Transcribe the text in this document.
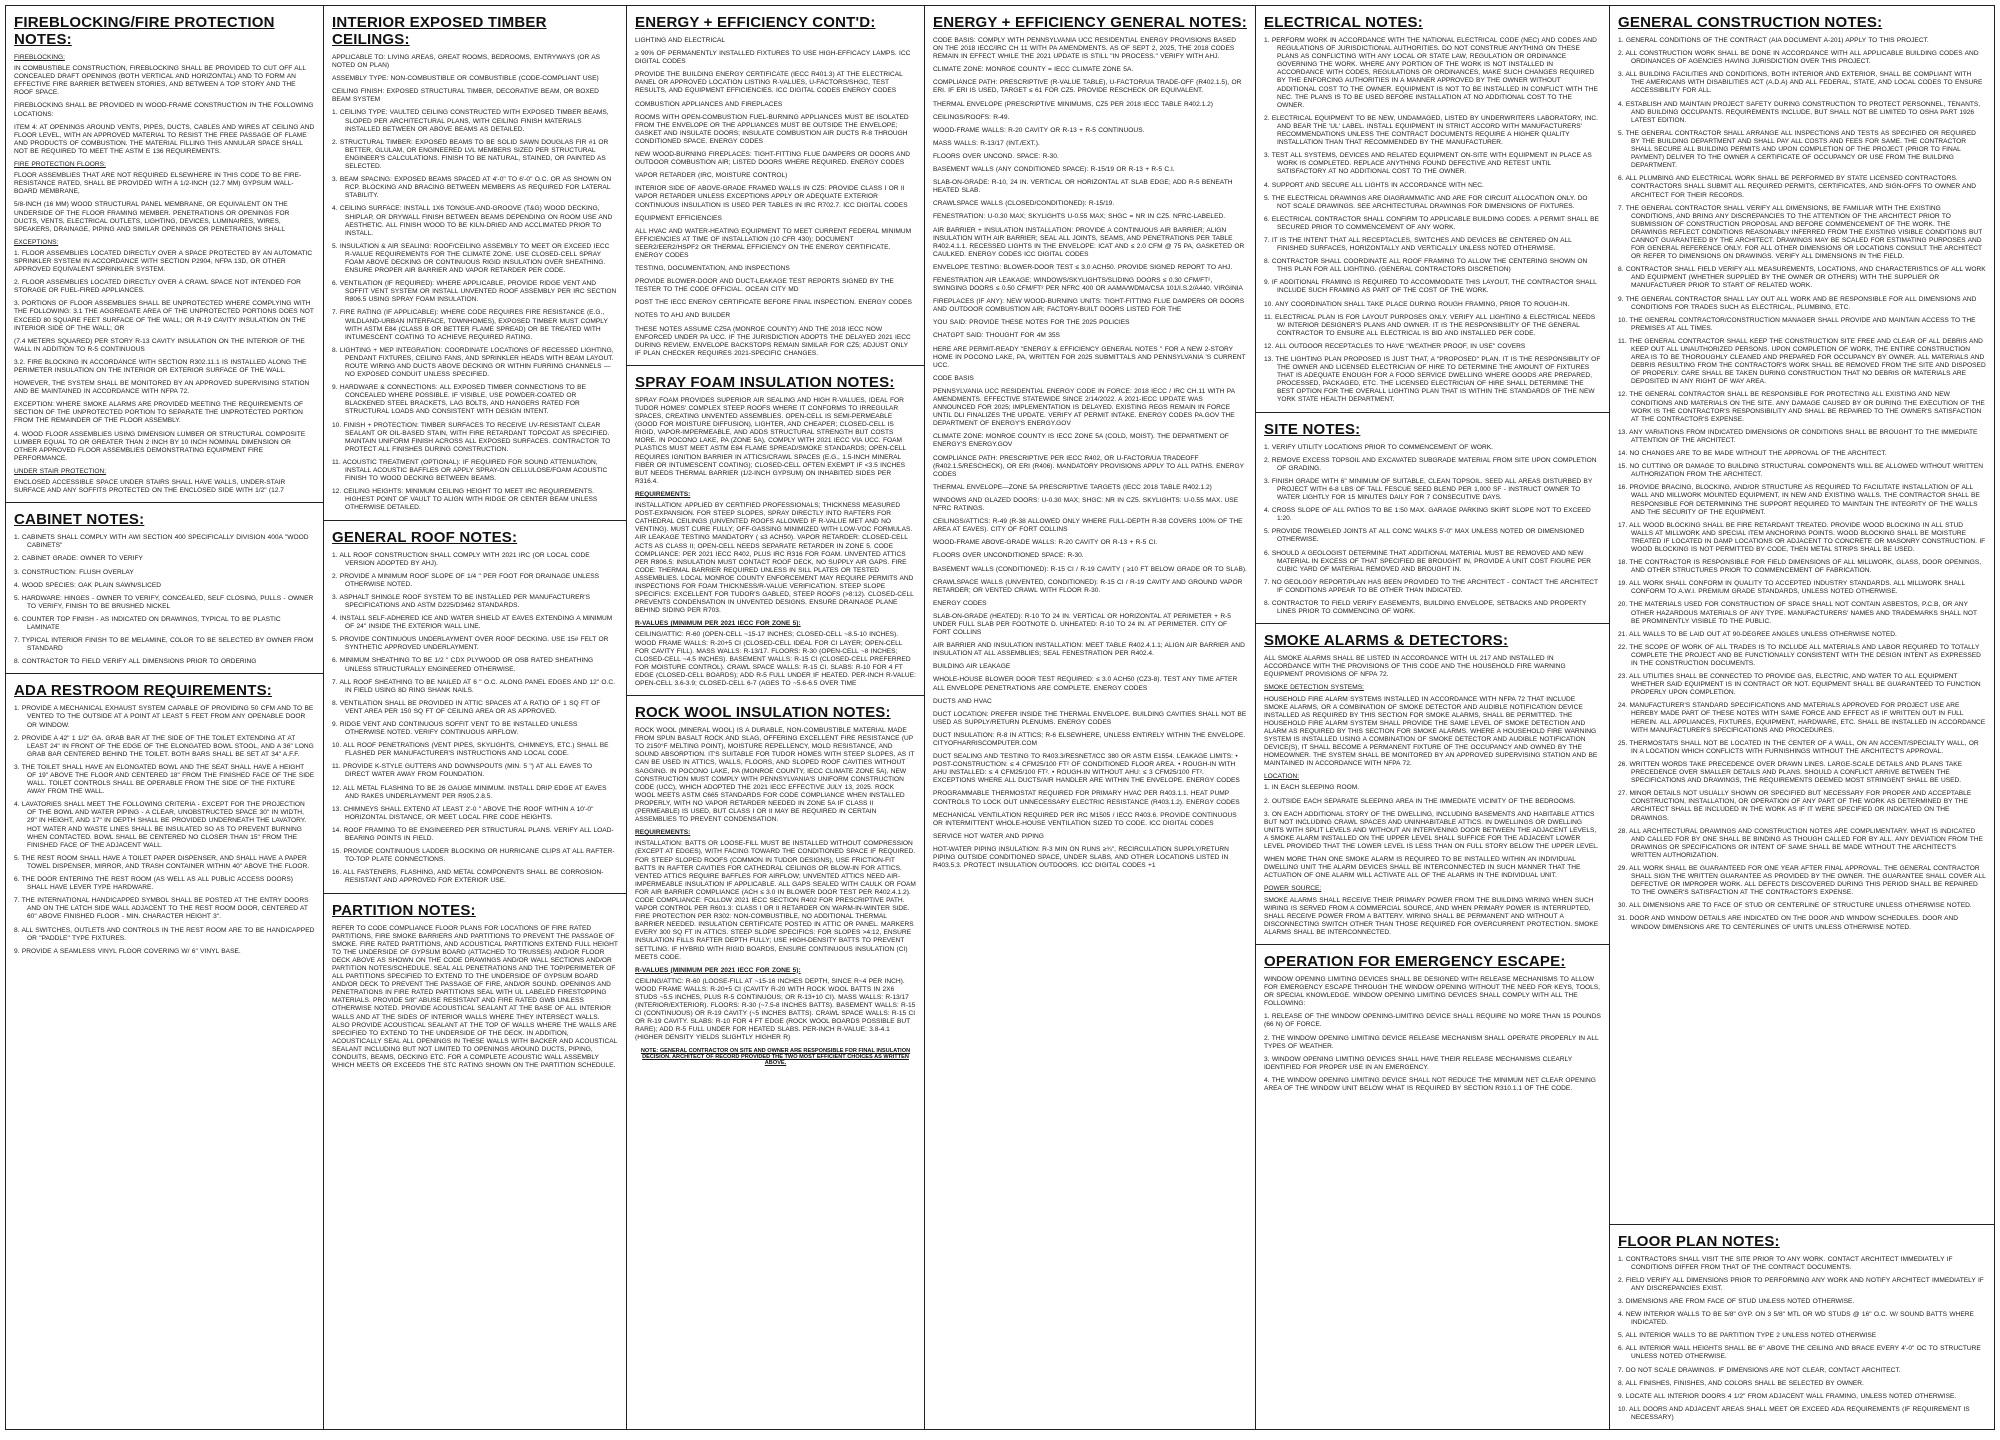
FIREBLOCKING/FIRE PROTECTION NOTES:
FIREBLOCKING:
IN COMBUSTIBLE CONSTRUCTION, FIREBLOCKING SHALL BE PROVIDED TO CUT OFF ALL CONCEALED DRAFT OPENINGS (BOTH VERTICAL AND HORIZONTAL) AND TO FORM AN EFFECTIVE FIRE BARRIER BETWEEN STORIES, AND BETWEEN A TOP STORY AND THE ROOF SPACE.
FIREBLOCKING SHALL BE PROVIDED IN WOOD-FRAME CONSTRUCTION IN THE FOLLOWING LOCATIONS:
ITEM 4: AT OPENINGS AROUND VENTS, PIPES, DUCTS, CABLES AND WIRES AT CEILING AND FLOOR LEVEL, WITH AN APPROVED MATERIAL TO RESIST THE FREE PASSAGE OF FLAME AND PRODUCTS OF COMBUSTION. THE MATERIAL FILLING THIS ANNULAR SPACE SHALL NOT BE REQUIRED TO MEET THE ASTM E 136 REQUIREMENTS.
FIRE PROTECTION FLOORS:
FLOOR ASSEMBLIES THAT ARE NOT REQUIRED ELSEWHERE IN THIS CODE TO BE FIRE-RESISTANCE RATED, SHALL BE PROVIDED WITH A 1/2-INCH (12.7 MM) GYPSUM WALL-BOARD MEMBRANE,
5/8-INCH (16 MM) WOOD STRUCTURAL PANEL MEMBRANE, OR EQUIVALENT ON THE UNDERSIDE OF THE FLOOR FRAMING MEMBER. PENETRATIONS OR OPENINGS FOR DUCTS, VENTS, ELECTRICAL OUTLETS, LIGHTING, DEVICES, LUMINAIRES, WIRES, SPEAKERS, DRAINAGE, PIPING AND SIMILAR OPENINGS OR PENETRATIONS SHALL
EXCEPTIONS:
1. FLOOR ASSEMBLIES LOCATED DIRECTLY OVER A SPACE PROTECTED BY AN AUTOMATIC SPRINKLER SYSTEM IN ACCORDANCE WITH SECTION P2904, NFPA 13D, OR OTHER APPROVED EQUIVALENT SPRINKLER SYSTEM.
2. FLOOR ASSEMBLIES LOCATED DIRECTLY OVER A CRAWL SPACE NOT INTENDED FOR STORAGE OR FUEL-FIRED APPLIANCES.
3. PORTIONS OF FLOOR ASSEMBLIES SHALL BE UNPROTECTED WHERE COMPLYING WITH THE FOLLOWING: 3.1 THE AGGREGATE AREA OF THE UNPROTECTED PORTIONS DOES NOT EXCEED 80 SQUARE FEET SURFACE OF THE WALL; OR R-19 CAVITY INSULATION ON THE INTERIOR SIDE OF THE WALL; OR
(7.4 METERS SQUARED) PER STORY R-13 CAVITY INSULATION ON THE INTERIOR OF THE WALL IN ADDITION TO R-5 CONTINUOUS
3.2. FIRE BLOCKING IN ACCORDANCE WITH SECTION R302.11.1 IS INSTALLED ALONG THE PERIMETER INSULATION ON THE INTERIOR OR EXTERIOR SURFACE OF THE WALL.
HOWEVER, THE SYSTEM SHALL BE MONITORED BY AN APPROVED SUPERVISING STATION AND BE MAINTAINED IN ACCORDANCE WITH NFPA 72.
EXCEPTION: WHERE SMOKE ALARMS ARE PROVIDED MEETING THE REQUIREMENTS OF SECTION OF THE UNPROTECTED PORTION TO SEPARATE THE UNPROTECTED PORTION FROM THE REMAINDER OF THE FLOOR ASSEMBLY.
4. WOOD FLOOR ASSEMBLIES USING DIMENSION LUMBER OR STRUCTURAL COMPOSITE LUMBER EQUAL TO OR GREATER THAN 2 INCH BY 10 INCH NOMINAL DIMENSION OR OTHER APPROVED FLOOR ASSEMBLIES DEMONSTRATING EQUIPMENT FIRE PERFORMANCE.
UNDER STAIR PROTECTION:
ENCLOSED ACCESSIBLE SPACE UNDER STAIRS SHALL HAVE WALLS, UNDER-STAIR SURFACE AND ANY SOFFITS PROTECTED ON THE ENCLOSED SIDE WITH 1/2" (12.7
CABINET NOTES:
1. CABINETS SHALL COMPLY WITH AWI SECTION 400 SPECIFICALLY DIVISION 400A "WOOD CABINETS"
2. CABINET GRADE: OWNER TO VERIFY
3. CONSTRUCTION: FLUSH OVERLAY
4. WOOD SPECIES: OAK PLAIN SAWN/SLICED
5. HARDWARE: HINGES - OWNER TO VERIFY, CONCEALED, SELF CLOSING, PULLS - OWNER TO VERIFY, FINISH TO BE BRUSHED NICKEL
6. COUNTER TOP FINISH - AS INDICATED ON DRAWINGS, TYPICAL TO BE PLASTIC LAMINATE
7. TYPICAL INTERIOR FINISH TO BE MELAMINE, COLOR TO BE SELECTED BY OWNER FROM STANDARD
8. CONTRACTOR TO FIELD VERIFY ALL DIMENSIONS PRIOR TO ORDERING
ADA RESTROOM REQUIREMENTS:
1. PROVIDE A MECHANICAL EXHAUST SYSTEM CAPABLE OF PROVIDING 50 CFM AND TO BE VENTED TO THE OUTSIDE AT A POINT AT LEAST 5 FEET FROM ANY OPENABLE DOOR OR WINDOW.
2. PROVIDE A 42" 1 1/2" GA. GRAB BAR AT THE SIDE OF THE TOILET EXTENDING AT AT LEAST 24" IN FRONT OF THE EDGE OF THE ELONGATED BOWL STOOL, AND A 36" LONG GRAB BAR CENTERED BEHIND THE TOILET. BOTH BARS SHALL BE SET AT 34" A.F.F.
3. THE TOILET SHALL HAVE AN ELONGATED BOWL AND THE SEAT SHALL HAVE A HEIGHT OF 19" ABOVE THE FLOOR AND CENTERED 18" FROM THE FINISHED FACE OF THE SIDE WALL. TOILET CONTROLS SHALL BE OPERABLE FROM THE SIDE OF THE FIXTURE AWAY FROM THE WALL.
4. LAVATORIES SHALL MEET THE FOLLOWING CRITERIA - EXCEPT FOR THE PROJECTION OF THE BOWL AND WATER PIPING - A CLEAR, UNOBSTRUCTED SPACE 30" IN WIDTH, 29" IN HEIGHT, AND 17" IN DEPTH SHALL BE PROVIDED UNDERNEATH THE LAVATORY. HOT WATER AND WASTE LINES SHALL BE INSULATED SO AS TO PREVENT BURNING WHEN CONTACTED. BOWL SHALL BE CENTERED NO CLOSER THAN 15" FROM THE FINISHED FACE OF THE ADJACENT WALL.
5. THE REST ROOM SHALL HAVE A TOILET PAPER DISPENSER, AND SHALL HAVE A PAPER TOWEL DISPENSER, MIRROR, AND TRASH CONTAINER WITHIN 40" ABOVE THE FLOOR.
6. THE DOOR ENTERING THE REST ROOM (AS WELL AS ALL PUBLIC ACCESS DOORS) SHALL HAVE LEVER TYPE HARDWARE.
7. THE INTERNATIONAL HANDICAPPED SYMBOL SHALL BE POSTED AT THE ENTRY DOORS AND ON THE LATCH SIDE WALL ADJACENT TO THE REST ROOM DOOR, CENTERED AT 60" ABOVE FINISHED FLOOR - MIN. CHARACTER HEIGHT 3".
8. ALL SWITCHES, OUTLETS AND CONTROLS IN THE REST ROOM ARE TO BE HANDICAPPED OR "PADDLE" TYPE FIXTURES.
9. PROVIDE A SEAMLESS VINYL FLOOR COVERING W/ 6" VINYL BASE.
INTERIOR EXPOSED TIMBER CEILINGS:
APPLICABLE TO: LIVING AREAS, GREAT ROOMS, BEDROOMS, ENTRYWAYS (OR AS NOTED ON PLAN)
ASSEMBLY TYPE: NON-COMBUSTIBLE OR COMBUSTIBLE (CODE-COMPLIANT USE)
CEILING FINISH: EXPOSED STRUCTURAL TIMBER, DECORATIVE BEAM, OR BOXED BEAM SYSTEM
1. CEILING TYPE: VAULTED CEILING CONSTRUCTED WITH EXPOSED TIMBER BEAMS, SLOPED PER ARCHITECTURAL PLANS, WITH CEILING FINISH MATERIALS INSTALLED BETWEEN OR ABOVE BEAMS AS DETAILED.
2. STRUCTURAL TIMBER: EXPOSED BEAMS TO BE SOLID SAWN DOUGLAS FIR #1 OR BETTER, GLULAM, OR ENGINEERED LVL MEMBERS SIZED PER STRUCTURAL ENGINEER'S CALCULATIONS. FINISH TO BE NATURAL, STAINED, OR PAINTED AS SELECTED.
3. BEAM SPACING: EXPOSED BEAMS SPACED AT 4'-0" TO 6'-0" O.C. OR AS SHOWN ON RCP. BLOCKING AND BRACING BETWEEN MEMBERS AS REQUIRED FOR LATERAL STABILITY.
4. CEILING SURFACE: INSTALL 1X6 TONGUE-AND-GROOVE (T&G) WOOD DECKING, SHIPLAP, OR DRYWALL FINISH BETWEEN BEAMS DEPENDING ON ROOM USE AND AESTHETIC. ALL FINISH WOOD TO BE KILN-DRIED AND ACCLIMATED PRIOR TO INSTALL.
5. INSULATION & AIR SEALING: ROOF/CEILING ASSEMBLY TO MEET OR EXCEED IECC R-VALUE REQUIREMENTS FOR THE CLIMATE ZONE. USE CLOSED-CELL SPRAY FOAM ABOVE DECKING OR CONTINUOUS RIGID INSULATION OVER SHEATHING. ENSURE PROPER AIR BARRIER AND VAPOR RETARDER PER CODE.
6. VENTILATION (IF REQUIRED): WHERE APPLICABLE, PROVIDE RIDGE VENT AND SOFFIT VENT SYSTEM OR INSTALL UNVENTED ROOF ASSEMBLY PER IRC SECTION R806.5 USING SPRAY FOAM INSULATION.
7. FIRE RATING (IF APPLICABLE): WHERE CODE REQUIRES FIRE RESISTANCE (E.G., WILDLAND-URBAN INTERFACE, TOWNHOMES), EXPOSED TIMBER MUST COMPLY WITH ASTM E84 (CLASS B OR BETTER FLAME SPREAD) OR BE TREATED WITH INTUMESCENT COATING TO ACHIEVE REQUIRED RATING.
8. LIGHTING + MEP INTEGRATION: COORDINATE LOCATIONS OF RECESSED LIGHTING, PENDANT FIXTURES, CEILING FANS, AND SPRINKLER HEADS WITH BEAM LAYOUT. ROUTE WIRING AND DUCTS ABOVE DECKING OR WITHIN FURRING CHANNELS —NO EXPOSED CONDUIT UNLESS SPECIFIED.
9. HARDWARE & CONNECTIONS: ALL EXPOSED TIMBER CONNECTIONS TO BE CONCEALED WHERE POSSIBLE. IF VISIBLE, USE POWDER-COATED OR BLACKENED STEEL BRACKETS, LAG BOLTS, AND HANGERS RATED FOR STRUCTURAL LOADS AND CONSISTENT WITH DESIGN INTENT.
10. FINISH + PROTECTION: TIMBER SURFACES TO RECEIVE UV-RESISTANT CLEAR SEALANT OR OIL-BASED STAIN, WITH FIRE RETARDANT TOPCOAT AS SPECIFIED. MAINTAIN UNIFORM FINISH ACROSS ALL EXPOSED SURFACES. CONTRACTOR TO PROTECT ALL FINISHES DURING CONSTRUCTION.
11. ACOUSTIC TREATMENT (OPTIONAL): IF REQUIRED FOR SOUND ATTENUATION, INSTALL ACOUSTIC BAFFLES OR APPLY SPRAY-ON CELLULOSE/FOAM ACOUSTIC FINISH TO WOOD DECKING BETWEEN BEAMS.
12. CEILING HEIGHTS: MINIMUM CEILING HEIGHT TO MEET IRC REQUIREMENTS. HIGHEST POINT OF VAULT TO ALIGN WITH RIDGE OR CENTER BEAM UNLESS OTHERWISE DETAILED.
GENERAL ROOF NOTES:
1. ALL ROOF CONSTRUCTION SHALL COMPLY WITH 2021 IRC (OR LOCAL CODE VERSION ADOPTED BY AHJ).
2. PROVIDE A MINIMUM ROOF SLOPE OF 1/4 " PER FOOT FOR DRAINAGE UNLESS OTHERWISE NOTED.
3. ASPHALT SHINGLE ROOF SYSTEM TO BE INSTALLED PER MANUFACTURER'S SPECIFICATIONS AND ASTM D225/D3462 STANDARDS.
4. INSTALL SELF-ADHERED ICE AND WATER SHIELD AT EAVES EXTENDING A MINIMUM OF 24" INSIDE THE EXTERIOR WALL LINE.
5. PROVIDE CONTINUOUS UNDERLAYMENT OVER ROOF DECKING. USE 15# FELT OR SYNTHETIC APPROVED UNDERLAYMENT.
6. MINIMUM SHEATHING TO BE 1/2 " CDX PLYWOOD OR OSB RATED SHEATHING UNLESS STRUCTURALLY ENGINEERED OTHERWISE.
7. ALL ROOF SHEATHING TO BE NAILED AT 6 " O.C. ALONG PANEL EDGES AND 12" O.C. IN FIELD USING 8D RING SHANK NAILS.
8. VENTILATION SHALL BE PROVIDED IN ATTIC SPACES AT A RATIO OF 1 SQ FT OF VENT AREA PER 150 SQ FT OF CEILING AREA OR AS APPROVED.
9. RIDGE VENT AND CONTINUOUS SOFFIT VENT TO BE INSTALLED UNLESS OTHERWISE NOTED. VERIFY CONTINUOUS AIRFLOW.
10. ALL ROOF PENETRATIONS (VENT PIPES, SKYLIGHTS, CHIMNEYS, ETC.) SHALL BE FLASHED PER MANUFACTURER'S INSTRUCTIONS AND LOCAL CODE.
11. PROVIDE K-STYLE GUTTERS AND DOWNSPOUTS (MIN. 5 ") AT ALL EAVES TO DIRECT WATER AWAY FROM FOUNDATION.
12. ALL METAL FLASHING TO BE 26 GAUGE MINIMUM. INSTALL DRIP EDGE AT EAVES AND RAKES UNDERLAYMENT PER R905.2.8.5.
13. CHIMNEYS SHALL EXTEND AT LEAST 2'-0 " ABOVE THE ROOF WITHIN A 10'-0" HORIZONTAL DISTANCE, OR MEET LOCAL FIRE CODE HEIGHTS.
14. ROOF FRAMING TO BE ENGINEERED PER STRUCTURAL PLANS. VERIFY ALL LOAD-BEARING POINTS IN FIELD.
15. PROVIDE CONTINUOUS LADDER BLOCKING OR HURRICANE CLIPS AT ALL RAFTER-TO-TOP PLATE CONNECTIONS.
16. ALL FASTENERS, FLASHING, AND METAL COMPONENTS SHALL BE CORROSION-RESISTANT AND APPROVED FOR EXTERIOR USE.
PARTITION NOTES:
REFER TO CODE COMPLIANCE FLOOR PLANS FOR LOCATIONS OF FIRE RATED PARTITIONS, FIRE SMOKE BARRIERS AND PARTITIONS TO PREVENT THE PASSAGE OF SMOKE. FIRE RATED PARTITIONS, AND ACOUSTICAL PARTITIONS EXTEND FULL HEIGHT TO THE UNDERSIDE OF GYPSUM BOARD (ATTACHED TO TRUSSES) AND/OR FLOOR DECK ABOVE AS SHOWN ON THE CODE DRAWINGS AND/OR WALL SECTIONS AND/OR PARTITION NOTES/SCHEDULE. SEAL ALL PENETRATIONS AND THE TOP/PERIMETER OF ALL PARTITIONS SPECIFIED TO EXTEND TO THE UNDERSIDE OF GYPSUM BOARD AND/OR DECK TO PREVENT THE PASSAGE OF FIRE, AND/OR SOUND. OPENINGS AND PENETRATIONS IN FIRE RATED PARTITIONS SEAL WITH UL LABELED FIRESTOPPING MATERIALS. PROVIDE 5/8" ABUSE RESISTANT AND FIRE RATED GWB UNLESS OTHERWISE NOTED. PROVIDE ACOUSTICAL SEALANT AT THE BASE OF ALL INTERIOR WALLS AND AT THE SIDES OF INTERIOR WALLS WHERE THEY INTERSECT WALLS. ALSO PROVIDE ACOUSTICAL SEALANT AT THE TOP OF WALLS WHERE THE WALLS ARE SPECIFIED TO EXTEND TO THE UNDERSIDE OF THE DECK. IN ADDITION, ACOUSTICALLY SEAL ALL OPENINGS IN THESE WALLS WITH BACKER AND ACOUSTICAL SEALANT INCLUDING BUT NOT LIMITED TO OPENINGS AROUND DUCTS, PIPING, CONDUITS, BEAMS, DECKING ETC. FOR A COMPLETE ACOUSTIC WALL ASSEMBLY WHICH MEETS OR EXCEEDS THE STC RATING SHOWN ON THE PARTITION SCHEDULE.
ENERGY + EFFICIENCY CONT'D:
LIGHTING AND ELECTRICAL
≥ 90% OF PERMANENTLY INSTALLED FIXTURES TO USE HIGH-EFFICACY LAMPS. ICC DIGITAL CODES
PROVIDE THE BUILDING ENERGY CERTIFICATE (IECC R401.3) AT THE ELECTRICAL PANEL OR APPROVED LOCATION LISTING R-VALUES, U-FACTORS/SHGC, TEST RESULTS, AND EQUIPMENT EFFICIENCIES. ICC DIGITAL CODES ENERGY CODES
COMBUSTION APPLIANCES AND FIREPLACES
ROOMS WITH OPEN-COMBUSTION FUEL-BURNING APPLIANCES MUST BE ISOLATED FROM THE ENVELOPE OR THE APPLIANCES MUST BE OUTSIDE THE ENVELOPE; GASKET AND INSULATE DOORS; INSULATE COMBUSTION AIR DUCTS R-8 THROUGH CONDITIONED SPACE. ENERGY CODES
NEW WOOD-BURNING FIREPLACES: TIGHT-FITTING FLUE DAMPERS OR DOORS AND OUTDOOR COMBUSTION AIR; LISTED DOORS WHERE REQUIRED. ENERGY CODES
VAPOR RETARDER (IRC, MOISTURE CONTROL)
INTERIOR SIDE OF ABOVE-GRADE FRAMED WALLS IN CZ5: PROVIDE CLASS I OR II VAPOR RETARDER UNLESS EXCEPTIONS APPLY OR ADEQUATE EXTERIOR CONTINUOUS INSULATION IS USED PER TABLES IN IRC R702.7. ICC DIGITAL CODES
EQUIPMENT EFFICIENCIES
ALL HVAC AND WATER-HEATING EQUIPMENT TO MEET CURRENT FEDERAL MINIMUM EFFICIENCIES AT TIME OF INSTALLATION (10 CFR 430); DOCUMENT SEER2/EER2/HSPF2 OR THERMAL EFFICIENCY ON THE ENERGY CERTIFICATE. ENERGY CODES
TESTING, DOCUMENTATION, AND INSPECTIONS
PROVIDE BLOWER-DOOR AND DUCT-LEAKAGE TEST REPORTS SIGNED BY THE TESTER TO THE CODE OFFICIAL. OCEAN CITY MD
POST THE IECC ENERGY CERTIFICATE BEFORE FINAL INSPECTION. ENERGY CODES
NOTES TO AHJ AND BUILDER
THESE NOTES ASSUME CZ5A (MONROE COUNTY) AND THE 2018 IECC NOW ENFORCED UNDER PA UCC. IF THE JURISDICTION ADOPTS THE DELAYED 2021 IECC DURING REVIEW, ENVELOPE BACKSTOPS REMAIN SIMILAR FOR CZ5; ADJUST ONLY IF PLAN CHECKER REQUIRES 2021-SPECIFIC CHANGES.
SPRAY FOAM INSULATION NOTES:
SPRAY FOAM PROVIDES SUPERIOR AIR SEALING AND HIGH R-VALUES, IDEAL FOR TUDOR HOMES' COMPLEX STEEP ROOFS WHERE IT CONFORMS TO IRREGULAR SPACES, CREATING UNVENTED ASSEMBLIES. OPEN-CELL IS SEMI-PERMEABLE (GOOD FOR MOISTURE DIFFUSION), LIGHTER, AND CHEAPER; CLOSED-CELL IS RIGID, VAPOR-IMPERMEABLE, AND ADDS STRUCTURAL STRENGTH BUT COSTS MORE. IN POCONO LAKE, PA (ZONE 5A), COMPLY WITH 2021 IECC VIA UCC. FOAM PLASTICS MUST MEET ASTM E84 FLAME SPREAD/SMOKE STANDARDS; OPEN-CELL REQUIRES IGNITION BARRIER IN ATTICS/CRAWL SPACES (E.G., 1.5-INCH MINERAL FIBER OR INTUMESCENT COATING); CLOSED-CELL OFTEN EXEMPT IF <3.5 INCHES BUT NEEDS THERMAL BARRIER (1/2-INCH GYPSUM) ON INHABITED SIDES PER R316.4.
REQUIREMENTS:
INSTALLATION: APPLIED BY CERTIFIED PROFESSIONALS; THICKNESS MEASURED POST-EXPANSION. FOR STEEP SLOPES, SPRAY DIRECTLY INTO RAFTERS FOR CATHEDRAL CEILINGS (UNVENTED ROOFS ALLOWED IF R-VALUE MET AND NO VENTING). MUST CURE FULLY; OFF-GASSING MINIMIZED WITH LOW-VOC FORMULAS. AIR LEAKAGE TESTING MANDATORY ( ≤3 ACH50). VAPOR RETARDER: CLOSED-CELL ACTS AS CLASS II; OPEN-CELL NEEDS SEPARATE RETARDER IN ZONE 5. CODE COMPLIANCE: PER 2021 IECC R402, PLUS IRC R316 FOR FOAM. UNVENTED ATTICS PER R806.5: INSULATION MUST CONTACT ROOF DECK, NO SUPPLY AIR GAPS. FIRE CODE: THERMAL BARRIER REQUIRED UNLESS IN SILL PLATES OR TESTED ASSEMBLIES. LOCAL MONROE COUNTY ENFORCEMENT MAY REQUIRE PERMITS AND INSPECTIONS FOR FOAM THICKNESS/R-VALUE VERIFICATION. STEEP SLOPE SPECIFICS: EXCELLENT FOR TUDOR'S GABLED, STEEP ROOFS (>8:12). CLOSED-CELL PREVENTS CONDENSATION IN UNVENTED DESIGNS. ENSURE DRAINAGE PLANE BEHIND SIDING PER R703.
R-VALUES (MINIMUM PER 2021 IECC FOR ZONE 5):
CEILING/ATTIC: R-60 (OPEN-CELL ~15-17 INCHES; CLOSED-CELL ~8.5-10 INCHES). WOOD FRAME WALLS: R-20+5 CI (CLOSED-CELL IDEAL FOR CI LAYER; OPEN-CELL FOR CAVITY FILL). MASS WALLS: R-13/17. FLOORS: R-30 (OPEN-CELL ~8 INCHES; CLOSED-CELL ~4.5 INCHES). BASEMENT WALLS: R-15 CI (CLOSED-CELL PREFERRED FOR MOISTURE CONTROL). CRAWL SPACE WALLS: R-15 CI. SLABS: R-10 FOR 4 FT EDGE (CLOSED-CELL BOARDS); ADD R-5 FULL UNDER IF HEATED. PER-INCH R-VALUE: OPEN-CELL 3.6-3.9; CLOSED-CELL 6-7 (AGES TO ~5.6-6.5 OVER TIME
ROCK WOOL INSULATION NOTES:
ROCK WOOL (MINERAL WOOL) IS A DURABLE, NON-COMBUSTIBLE MATERIAL MADE FROM SPUN BASALT ROCK AND SLAG, OFFERING EXCELLENT FIRE RESISTANCE (UP TO 2150°F MELTING POINT), MOISTURE REPELLENCY, MOLD RESISTANCE, AND SOUND ABSORPTION. IT'S SUITABLE FOR TUDOR HOMES WITH STEEP SLOPES, AS IT CAN BE USED IN ATTICS, WALLS, FLOORS, AND SLOPED ROOF CAVITIES WITHOUT SAGGING. IN POCONO LAKE, PA (MONROE COUNTY, IECC CLIMATE ZONE 5A), NEW CONSTRUCTION MUST COMPLY WITH PENNSYLVANIA'S UNIFORM CONSTRUCTION CODE (UCC), WHICH ADOPTED THE 2021 IECC EFFECTIVE JULY 13, 2025. ROCK WOOL MEETS ASTM C665 STANDARDS FOR CODE COMPLIANCE WHEN INSTALLED PROPERLY, WITH NO VAPOR RETARDER NEEDED IN ZONE 5A IF CLASS II (PERMEABLE) IS USED, BUT CLASS I OR II MAY BE REQUIRED IN CERTAIN ASSEMBLIES TO PREVENT CONDENSATION.
REQUIREMENTS:
INSTALLATION: BATTS OR LOOSE-FILL MUST BE INSTALLED WITHOUT COMPRESSION (EXCEPT AT EDGES), WITH FACING TOWARD THE CONDITIONED SPACE IF REQUIRED. FOR STEEP SLOPED ROOFS (COMMON IN TUDOR DESIGNS), USE FRICTION-FIT BATTS IN RAFTER CAVITIES FOR CATHEDRAL CEILINGS OR BLOW-IN FOR ATTICS. VENTED ATTICS REQUIRE BAFFLES FOR AIRFLOW; UNVENTED ATTICS NEED AIR-IMPERMEABLE INSULATION IF APPLICABLE. ALL GAPS SEALED WITH CAULK OR FOAM FOR AIR BARRIER COMPLIANCE (ACH ≤ 3.0 IN BLOWER DOOR TEST PER R402.4.1.2). CODE COMPLIANCE: FOLLOW 2021 IECC SECTION R402 FOR PRESCRIPTIVE PATH. VAPOR CONTROL PER R601.3: CLASS I OR II RETARDER ON WARM-IN-WINTER SIDE. FIRE PROTECTION PER R302: NON-COMBUSTIBLE, NO ADDITIONAL THERMAL BARRIER NEEDED. INSULATION CERTIFICATE POSTED IN ATTIC OR PANEL. MARKERS EVERY 300 SQ FT IN ATTICS. STEEP SLOPE SPECIFICS: FOR SLOPES >4:12, ENSURE INSULATION FILLS RAFTER DEPTH FULLY; USE HIGH-DENSITY BATTS TO PREVENT SETTLING. IF HYBRID WITH RIGID BOARDS, ENSURE CONTINUOUS INSULATION (CI) MEETS CODE.
R-VALUES (MINIMUM PER 2021 IECC FOR ZONE 5):
CEILING/ATTIC: R-60 (LOOSE-FILL AT ~15-16 INCHES DEPTH, SINCE R~4 PER INCH). WOOD FRAME WALLS: R-20+5 CI (CAVITY R-20 WITH ROCK WOOL BATTS IN 2X6 STUDS ~5.5 INCHES, PLUS R-5 CONTINUOUS; OR R-13+10 CI). MASS WALLS: R-13/17 (INTERIOR/EXTERIOR). FLOORS: R-30 (~7.5-8 INCHES BATTS). BASEMENT WALLS: R-15 CI (CONTINUOUS) OR R-19 CAVITY (~5 INCHES BATTS). CRAWL SPACE WALLS: R-15 CI OR R-19 CAVITY. SLABS: R-10 FOR 4 FT EDGE (ROCK WOOL BOARDS POSSIBLE BUT RARE); ADD R-5 FULL UNDER FOR HEATED SLABS. PER-INCH R-VALUE: 3.8-4.1 (HIGHER DENSITY YIELDS SLIGHTLY HIGHER R)
NOTE: GENERAL CONTRACTOR ON SITE AND OWNER ARE RESPONSIBLE FOR FINAL INSULATION DECISION. ARCHITECT OF RECORD PROVIDED THE TWO MOST EFFICIENT CHOICES AS WRITTEN ABOVE.
ENERGY + EFFICIENCY GENERAL NOTES:
CODE BASIS: COMPLY WITH PENNSYLVANIA UCC RESIDENTIAL ENERGY PROVISIONS BASED ON THE 2018 IECC/IRC CH 11 WITH PA AMENDMENTS. AS OF SEPT 2, 2025, THE 2018 CODES REMAIN IN EFFECT WHILE THE 2021 UPDATE IS STILL "IN PROCESS." VERIFY WITH AHJ.
CLIMATE ZONE: MONROE COUNTY = IECC CLIMATE ZONE 5A.
COMPLIANCE PATH: PRESCRIPTIVE (R-VALUE TABLE), U-FACTOR/UA TRADE-OFF (R402.1.5), OR ERI. IF ERI IS USED, TARGET ≤ 61 FOR CZ5. PROVIDE RESCHECK OR EQUIVALENT.
THERMAL ENVELOPE (PRESCRIPTIVE MINIMUMS, CZ5 PER 2018 IECC TABLE R402.1.2)
CEILINGS/ROOFS: R-49.
WOOD-FRAME WALLS: R-20 CAVITY OR R-13 + R-5 CONTINUOUS.
MASS WALLS: R-13/17 (INT./EXT.).
FLOORS OVER UNCOND. SPACE: R-30.
BASEMENT WALLS (ANY CONDITIONED SPACE): R-15/19 OR R-13 + R-5 C.I.
SLAB-ON-GRADE: R-10, 24 IN. VERTICAL OR HORIZONTAL AT SLAB EDGE; ADD R-5 BENEATH HEATED SLAB.
CRAWLSPACE WALLS (CLOSED/CONDITIONED): R-15/19.
FENESTRATION: U-0.30 MAX; SKYLIGHTS U-0.55 MAX; SHGC = NR IN CZ5. NFRC-LABELED.
AIR BARRIER + INSULATION INSTALLATION: PROVIDE A CONTINUOUS AIR BARRIER; ALIGN INSULATION WITH AIR BARRIER; SEAL ALL JOINTS, SEAMS, AND PENETRATIONS PER TABLE R402.4.1.1. RECESSED LIGHTS IN THE ENVELOPE: ICAT AND ≤ 2.0 CFM @ 75 PA, GASKETED OR CAULKED. ENERGY CODES ICC DIGITAL CODES
ENVELOPE TESTING: BLOWER-DOOR TEST ≤ 3.0 ACH50. PROVIDE SIGNED REPORT TO AHJ.
FENESTRATION AIR LEAKAGE: WINDOWS/SKYLIGHTS/SLIDING DOORS ≤ 0.30 CFM/FT², SWINGING DOORS ≤ 0.50 CFM/FT² PER NFRC 400 OR AAMA/WDMA/CSA 101/I.S.2/A440. VIRGINIA
FIREPLACES (IF ANY): NEW WOOD-BURNING UNITS: TIGHT-FITTING FLUE DAMPERS OR DOORS AND OUTDOOR COMBUSTION AIR; FACTORY-BUILT DOORS LISTED FOR THE
YOU SAID: PROVIDE THESE NOTES FOR THE 2025 POLICIES
CHATGPT SAID: THOUGHT FOR 4M 35S
HERE ARE PERMIT-READY "ENERGY & EFFICIENCY GENERAL NOTES " FOR A NEW 2-STORY HOME IN POCONO LAKE, PA, WRITTEN FOR 2025 SUBMITTALS AND PENNSYLVANIA 'S CURRENT UCC.
CODE BASIS
PENNSYLVANIA UCC RESIDENTIAL ENERGY CODE IN FORCE: 2018 IECC / IRC CH.11 WITH PA AMENDMENTS. EFFECTIVE STATEWIDE SINCE 2/14/2022. A 2021-IECC UPDATE WAS ANNOUNCED FOR 2025; IMPLEMENTATION IS DELAYED. EXISTING REGS REMAIN IN FORCE UNTIL DLI FINALIZES THE UPDATE. VERIFY AT PERMIT INTAKE. ENERGY CODES PA.GOV THE DEPARTMENT OF ENERGY'S ENERGY.GOV
CLIMATE ZONE: MONROE COUNTY IS IECC ZONE 5A (COLD, MOIST). THE DEPARTMENT OF ENERGY'S ENERGY.GOV
COMPLIANCE PATH: PRESCRIPTIVE PER IECC R402, OR U-FACTOR/UA TRADEOFF (R402.1.5/RESCHECK), OR ERI (R406). MANDATORY PROVISIONS APPLY TO ALL PATHS. ENERGY CODES
THERMAL ENVELOPE—ZONE 5A PRESCRIPTIVE TARGETS (IECC 2018 TABLE R402.1.2)
WINDOWS AND GLAZED DOORS: U-0.30 MAX; SHGC: NR IN CZ5. SKYLIGHTS: U-0.55 MAX. USE NFRC RATINGS.
CEILINGS/ATTICS: R-49 (R-38 ALLOWED ONLY WHERE FULL-DEPTH R-38 COVERS 100% OF THE AREA AT EAVES). CITY OF FORT COLLINS
WOOD-FRAME ABOVE-GRADE WALLS: R-20 CAVITY OR R-13 + R-5 CI.
FLOORS OVER UNCONDITIONED SPACE: R-30.
BASEMENT WALLS (CONDITIONED): R-15 CI / R-19 CAVITY ( ≥10 FT BELOW GRADE OR TO SLAB).
CRAWLSPACE WALLS (UNVENTED, CONDITIONED): R-15 CI / R-19 CAVITY AND GROUND VAPOR RETARDER; OR VENTED CRAWL WITH FLOOR R-30.
ENERGY CODES
SLAB-ON-GRADE (HEATED): R-10 TO 24 IN. VERTICAL OR HORIZONTAL AT PERIMETER + R-5 UNDER FULL SLAB PER FOOTNOTE D. UNHEATED: R-10 TO 24 IN. AT PERIMETER. CITY OF FORT COLLINS
AIR BARRIER AND INSULATION INSTALLATION: MEET TABLE R402.4.1.1; ALIGN AIR BARRIER AND INSULATION AT ALL ASSEMBLIES; SEAL FENESTRATION PER R402.4.
BUILDING AIR LEAKAGE
WHOLE-HOUSE BLOWER DOOR TEST REQUIRED: ≤ 3.0 ACH50 (CZ3-8). TEST ANY TIME AFTER ALL ENVELOPE PENETRATIONS ARE COMPLETE. ENERGY CODES
DUCTS AND HVAC
DUCT LOCATION: PREFER INSIDE THE THERMAL ENVELOPE. BUILDING CAVITIES SHALL NOT BE USED AS SUPPLY/RETURN PLENUMS. ENERGY CODES
DUCT INSULATION: R-8 IN ATTICS; R-6 ELSEWHERE, UNLESS ENTIRELY WITHIN THE ENVELOPE. CITYOFHARRISCOMPUTER.COM
DUCT SEALING AND TESTING TO R403.3/RESNET/ICC 380 OR ASTM E1554. LEAKAGE LIMITS: • POST-CONSTRUCTION: ≤ 4 CFM25/100 FT² OF CONDITIONED FLOOR AREA. • ROUGH-IN WITH AHU INSTALLED: ≤ 4 CFM25/100 FT². • ROUGH-IN WITHOUT AHU: ≤ 3 CFM25/100 FT². EXCEPTIONS WHERE ALL DUCTS/AIR HANDLER ARE WITHIN THE ENVELOPE. ENERGY CODES
PROGRAMMABLE THERMOSTAT REQUIRED FOR PRIMARY HVAC PER R403.1.1. HEAT PUMP CONTROLS TO LOCK OUT UNNECESSARY ELECTRIC RESISTANCE (R403.1.2). ENERGY CODES
MECHANICAL VENTILATION REQUIRED PER IRC M1505 / IECC R403.6. PROVIDE CONTINUOUS OR INTERMITTENT WHOLE-HOUSE VENTILATION SIZED TO CODE. ICC DIGITAL CODES
SERVICE HOT WATER AND PIPING
HOT-WATER PIPING INSULATION: R-3 MIN ON RUNS ≥¾", RECIRCULATION SUPPLY/RETURN PIPING OUTSIDE CONDITIONED SPACE, UNDER SLABS, AND OTHER LOCATIONS LISTED IN R403.5.3. PROTECT INSULATION OUTDOORS. ICC DIGITAL CODES +1
ELECTRICAL NOTES:
1. PERFORM WORK IN ACCORDANCE WITH THE NATIONAL ELECTRICAL CODE (NEC) AND CODES AND REGULATIONS OF JURISDICTIONAL AUTHORITIES. DO NOT CONSTRUE ANYTHING ON THESE PLANS AS CONFLICTING WITH ANY LOCAL OR STATE LAW, REGULATION OR ORDINANCE GOVERNING THE WORK. WHERE ANY PORTION OF THE WORK IS NOT INSTALLED IN ACCORDANCE WITH CODES, REGULATIONS OR ORDINANCES, MAKE SUCH CHANGES REQUIRED BY THE ENFORCING AUTHORITIES IN A MANNER APPROVED BY THE OWNER WITHOUT ADDITIONAL COST TO THE OWNER. EQUIPMENT IS NOT TO BE INSTALLED IN CONFLICT WITH THE NEC. THE PLANS IS TO BE USED BEFORE INSTALLATION AT NO ADDITIONAL COST TO THE OWNER.
2. ELECTRICAL EQUIPMENT TO BE NEW, UNDAMAGED, LISTED BY UNDERWRITERS LABORATORY, INC. AND BEAR THE 'UL' LABEL. INSTALL EQUIPMENT IN STRICT ACCORD WITH MANUFACTURERS' RECOMMENDATIONS UNLESS THE CONTRACT DOCUMENTS REQUIRE A HIGHER QUALITY INSTALLATION THAN THAT RECOMMENDED BY THE MANUFACTURER.
3. TEST ALL SYSTEMS, DEVICES AND RELATED EQUIPMENT ON-SITE WITH EQUIPMENT IN PLACE AS WORK IS COMPLETED. REPLACE ANYTHING FOUND DEFECTIVE AND RETEST UNTIL SATISFACTORY AT NO ADDITIONAL COST TO THE OWNER.
4. SUPPORT AND SECURE ALL LIGHTS IN ACCORDANCE WITH NEC.
5. THE ELECTRICAL DRAWINGS ARE DIAGRAMMATIC AND ARE FOR CIRCUIT ALLOCATION ONLY. DO NOT SCALE DRAWINGS. SEE ARCHITECTURAL DRAWINGS FOR DIMENSIONS OF FIXTURES.
6. ELECTRICAL CONTRACTOR SHALL CONFIRM TO APPLICABLE BUILDING CODES. A PERMIT SHALL BE SECURED PRIOR TO COMMENCEMENT OF ANY WORK.
7. IT IS THE INTENT THAT ALL RECEPTACLES, SWITCHES AND DEVICES BE CENTERED ON ALL FINISHED SURFACES, HORIZONTALLY AND VERTICALLY UNLESS NOTED OTHERWISE.
8. CONTRACTOR SHALL COORDINATE ALL ROOF FRAMING TO ALLOW THE CENTERING SHOWN ON THIS PLAN FOR ALL LIGHTING. (GENERAL CONTRACTORS DISCRETION)
9. IF ADDITIONAL FRAMING IS REQUIRED TO ACCOMMODATE THIS LAYOUT, THE CONTRACTOR SHALL INCLUDE SUCH FRAMING AS PART OF THE COST OF THE WORK.
10. ANY COORDINATION SHALL TAKE PLACE DURING ROUGH FRAMING, PRIOR TO ROUGH-IN.
11. ELECTRICAL PLAN IS FOR LAYOUT PURPOSES ONLY. VERIFY ALL LIGHTING & ELECTRICAL NEEDS W/ INTERIOR DESIGNER'S PLANS AND OWNER. IT IS THE RESPONSIBILITY OF THE GENERAL CONTRACTOR TO ENSURE ALL ELECTRICAL IS BID AND INSTALLED PER CODE.
12. ALL OUTDOOR RECEPTACLES TO HAVE "WEATHER PROOF, IN USE" COVERS
13. THE LIGHTING PLAN PROPOSED IS JUST THAT, A "PROPOSED" PLAN. IT IS THE RESPONSIBILITY OF THE OWNER AND LICENSED ELECTRICIAN OF HIRE TO DETERMINE THE AMOUNT OF FIXTURES THAT IS ADEQUATE ENOUGH FOR A FOOD SERVICE DWELLING WHERE GOODS ARE PREPARED, PROCESSED, PACKAGED, ETC. THE LICENSED ELECTRICIAN OF HIRE SHALL DETERMINE THE BEST OPTION FOR THE OVERALL LIGHTING PLAN THAT IS WITHIN THE STANDARDS OF THE NEW YORK STATE HEALTH DEPARTMENT.
SITE NOTES:
1. VERIFY UTILITY LOCATIONS PRIOR TO COMMENCEMENT OF WORK.
2. REMOVE EXCESS TOPSOIL AND EXCAVATED SUBGRADE MATERIAL FROM SITE UPON COMPLETION OF GRADING.
3. FINISH GRADE WITH 6" MINIMUM OF SUITABLE, CLEAN TOPSOIL. SEED ALL AREAS DISTURBED BY PROJECT WITH 6-8 LBS OF TALL FESCUE SEED BLEND PER 1,000 SF - INSTRUCT OWNER TO WATER LIGHTLY FOR 15 MINUTES DAILY FOR 7 CONSECUTIVE DAYS.
4. CROSS SLOPE OF ALL PATIOS TO BE 1:50 MAX. GARAGE PARKING SKIRT SLOPE NOT TO EXCEED 1:20.
5. PROVIDE TROWELED JOINTS AT ALL CONC WALKS 5'-0" MAX UNLESS NOTED OR DIMENSIONED OTHERWISE.
6. SHOULD A GEOLOGIST DETERMINE THAT ADDITIONAL MATERIAL MUST BE REMOVED AND NEW MATERIAL IN EXCESS OF THAT SPECIFIED BE BROUGHT IN, PROVIDE A UNIT COST FIGURE PER CUBIC YARD OF MATERIAL REMOVED AND BROUGHT IN.
7. NO GEOLOGY REPORT/PLAN HAS BEEN PROVIDED TO THE ARCHITECT - CONTACT THE ARCHITECT IF CONDITIONS APPEAR TO BE OTHER THAN INDICATED.
8. CONTRACTOR TO FIELD VERIFY EASEMENTS, BUILDING ENVELOPE, SETBACKS AND PROPERTY LINES PRIOR TO COMMENCING OF WORK.
SMOKE ALARMS & DETECTORS:
ALL SMOKE ALARMS SHALL BE LISTED IN ACCORDANCE WITH UL 217 AND INSTALLED IN ACCORDANCE WITH THE PROVISIONS OF THIS CODE AND THE HOUSEHOLD FIRE WARNING EQUIPMENT PROVISIONS OF NFPA 72.
SMOKE DETECTION SYSTEMS:
HOUSEHOLD FIRE ALARM SYSTEMS INSTALLED IN ACCORDANCE WITH NFPA 72 THAT INCLUDE SMOKE ALARMS, OR A COMBINATION OF SMOKE DETECTOR AND AUDIBLE NOTIFICATION DEVICE INSTALLED AS REQUIRED BY THIS SECTION FOR SMOKE ALARMS, SHALL BE PERMITTED. THE HOUSEHOLD FIRE ALARM SYSTEM SHALL PROVIDE THE SAME LEVEL OF SMOKE DETECTION AND ALARM AS REQUIRED BY THIS SECTION FOR SMOKE ALARMS. WHERE A HOUSEHOLD FIRE WARNING SYSTEM IS INSTALLED USING A COMBINATION OF SMOKE DETECTOR AND AUDIBLE NOTIFICATION DEVICE(S), IT SHALL BECOME A PERMANENT FIXTURE OF THE OCCUPANCY AND OWNED BY THE HOMEOWNER. THE SYSTEM SHALL BE MONITORED BY AN APPROVED SUPERVISING STATION AND BE MAINTAINED IN ACCORDANCE WITH NFPA 72.
LOCATION:
1. IN EACH SLEEPING ROOM.
2. OUTSIDE EACH SEPARATE SLEEPING AREA IN THE IMMEDIATE VICINITY OF THE BEDROOMS.
3. ON EACH ADDITIONAL STORY OF THE DWELLING, INCLUDING BASEMENTS AND HABITABLE ATTICS BUT NOT INCLUDING CRAWL SPACES AND UNINHABITABLE ATTICS. IN DWELLINGS OR DWELLING UNITS WITH SPLIT LEVELS AND WITHOUT AN INTERVENING DOOR BETWEEN THE ADJACENT LEVELS, A SMOKE ALARM INSTALLED ON THE UPPER LEVEL SHALL SUFFICE FOR THE ADJACENT LOWER LEVEL PROVIDED THAT THE LOWER LEVEL IS LESS THAN ON FULL STORY BELOW THE UPPER LEVEL.
WHEN MORE THAN ONE SMOKE ALARM IS REQUIRED TO BE INSTALLED WITHIN AN INDIVIDUAL DWELLING UNIT THE ALARM DEVICES SHALL BE INTERCONNECTED IN SUCH MANNER THAT THE ACTUATION OF ONE ALARM WILL ACTIVATE ALL OF THE ALARMS IN THE INDIVIDUAL UNIT.
POWER SOURCE:
SMOKE ALARMS SHALL RECEIVE THEIR PRIMARY POWER FROM THE BUILDING WIRING WHEN SUCH WIRING IS SERVED FROM A COMMERCIAL SOURCE, AND WHEN PRIMARY POWER IS INTERRUPTED, SHALL RECEIVE POWER FROM A BATTERY. WIRING SHALL BE PERMANENT AND WITHOUT A DISCONNECTING SWITCH OTHER THAN THOSE REQUIRED FOR OVERCURRENT PROTECTION. SMOKE ALARMS SHALL BE INTERCONNECTED.
OPERATION FOR EMERGENCY ESCAPE:
WINDOW OPENING LIMITING DEVICES SHALL BE DESIGNED WITH RELEASE MECHANISMS TO ALLOW FOR EMERGENCY ESCAPE THROUGH THE WINDOW OPENING WITHOUT THE NEED FOR KEYS, TOOLS, OR SPECIAL KNOWLEDGE. WINDOW OPENING LIMITING DEVICES SHALL COMPLY WITH ALL THE FOLLOWING:
1. RELEASE OF THE WINDOW OPENING-LIMITING DEVICE SHALL REQUIRE NO MORE THAN 15 POUNDS (66 N) OF FORCE.
2. THE WINDOW OPENING LIMITING DEVICE RELEASE MECHANISM SHALL OPERATE PROPERLY IN ALL TYPES OF WEATHER.
3. WINDOW OPENING LIMITING DEVICES SHALL HAVE THEIR RELEASE MECHANISMS CLEARLY IDENTIFIED FOR PROPER USE IN AN EMERGENCY.
4. THE WINDOW OPENING LIMITING DEVICE SHALL NOT REDUCE THE MINIMUM NET CLEAR OPENING AREA OF THE WINDOW UNIT BELOW WHAT IS REQUIRED BY SECTION R310.1.1 OF THE CODE.
GENERAL CONSTRUCTION NOTES:
1. GENERAL CONDITIONS OF THE CONTRACT (AIA DOCUMENT A-201) APPLY TO THIS PROJECT.
2. ALL CONSTRUCTION WORK SHALL BE DONE IN ACCORDANCE WITH ALL APPLICABLE BUILDING CODES AND ORDINANCES OF AGENCIES HAVING JURISDICTION OVER THIS PROJECT.
3. ALL BUILDING FACILITIES AND CONDITIONS, BOTH INTERIOR AND EXTERIOR, SHALL BE COMPLIANT WITH THE AMERICANS WITH DISABILITIES ACT (A.D.A) AND ALL FEDERAL, STATE, AND LOCAL CODES TO ENSURE ACCESSIBILITY FOR ALL.
4. ESTABLISH AND MAINTAIN PROJECT SAFETY DURING CONSTRUCTION TO PROTECT PERSONNEL, TENANTS, AND BUILDING OCCUPANTS. REQUIREMENTS INCLUDE, BUT SHALL NOT BE LIMITED TO OSHA PART 1926 LATEST EDITION.
5. THE GENERAL CONTRACTOR SHALL ARRANGE ALL INSPECTIONS AND TESTS AS SPECIFIED OR REQUIRED BY THE BUILDING DEPARTMENT AND SHALL PAY ALL COSTS AND FEES FOR SAME. THE CONTRACTOR SHALL SECURE ALL BUILDING PERMITS AND UPON COMPLETION OF THE PROJECT (PRIOR TO FINAL PAYMENT) DELIVER TO THE OWNER A CERTIFICATE OF OCCUPANCY OR USE FROM THE BUILDING DEPARTMENT.
6. ALL PLUMBING AND ELECTRICAL WORK SHALL BE PERFORMED BY STATE LICENSED CONTRACTORS. CONTRACTORS SHALL SUBMIT ALL REQUIRED PERMITS, CERTIFICATES, AND SIGN-OFFS TO OWNER AND ARCHITECT FOR THEIR RECORDS.
7. THE GENERAL CONTRACTOR SHALL VERIFY ALL DIMENSIONS, BE FAMILIAR WITH THE EXISTING CONDITIONS, AND BRING ANY DISCREPANCIES TO THE ATTENTION OF THE ARCHITECT PRIOR TO SUBMISSION OF CONSTRUCTION PROPOSAL AND BEFORE COMMENCEMENT OF THE WORK. THE DRAWINGS REFLECT CONDITIONS REASONABLY INFERRED FROM THE EXISTING VISIBLE CONDITIONS BUT CANNOT GUARANTEED BY THE ARCHITECT. DRAWINGS MAY BE SCALED FOR ESTIMATING PURPOSES AND FOR GENERAL REFERENCE ONLY. FOR ALL OTHER DIMENSIONS OR LOCATIONS CONSULT THE ARCHITECT OR REFER TO DIMENSIONS ON DRAWINGS. VERIFY ALL DIMENSIONS IN THE FIELD.
8. CONTRACTOR SHALL FIELD VERIFY ALL MEASUREMENTS, LOCATIONS, AND CHARACTERISTICS OF ALL WORK AND EQUIPMENT (WHETHER SUPPLIED BY THE OWNER OR OTHERS) WITH THE SUPPLIER OR MANUFACTURER PRIOR TO START OF RELATED WORK.
9. THE GENERAL CONTRACTOR SHALL LAY OUT ALL WORK AND BE RESPONSIBLE FOR ALL DIMENSIONS AND CONDITIONS FOR TRADES SUCH AS ELECTRICAL, PLUMBING, ETC.
10. THE GENERAL CONTRACTOR/CONSTRUCTION MANAGER SHALL PROVIDE AND MAINTAIN ACCESS TO THE PREMISES AT ALL TIMES.
11. THE GENERAL CONTRACTOR SHALL KEEP THE CONSTRUCTION SITE FREE AND CLEAR OF ALL DEBRIS AND KEEP OUT ALL UNAUTHORIZED PERSONS. UPON COMPLETION OF WORK, THE ENTIRE CONSTRUCTION AREA IS TO BE THOROUGHLY CLEANED AND PREPARED FOR OCCUPANCY BY OWNER. ALL MATERIALS AND DEBRIS RESULTING FROM THE CONTRACTOR'S WORK SHALL BE REMOVED FROM THE SITE AND DISPOSED OF PROPERLY. CARE SHALL BE TAKEN DURING CONSTRUCTION THAT NO DEBRIS OR MATERIALS ARE DEPOSITED IN ANY RIGHT OF WAY AREA.
12. THE GENERAL CONTRACTOR SHALL BE RESPONSIBLE FOR PROTECTING ALL EXISTING AND NEW CONDITIONS AND MATERIALS ON THE SITE. ANY DAMAGE CAUSED BY OR DURING THE EXECUTION OF THE WORK IS THE CONTRACTOR'S RESPONSIBILITY AND SHALL BE REPAIRED TO THE OWNER'S SATISFACTION AT THE CONTRACTOR'S EXPENSE.
13. ANY VARIATIONS FROM INDICATED DIMENSIONS OR CONDITIONS SHALL BE BROUGHT TO THE IMMEDIATE ATTENTION OF THE ARCHITECT.
14. NO CHANGES ARE TO BE MADE WITHOUT THE APPROVAL OF THE ARCHITECT.
15. NO CUTTING OR DAMAGE TO BUILDING STRUCTURAL COMPONENTS WILL BE ALLOWED WITHOUT WRITTEN AUTHORIZATION FROM THE ARCHITECT.
16. PROVIDE BRACING, BLOCKING, AND/OR STRUCTURE AS REQUIRED TO FACILITATE INSTALLATION OF ALL WALL AND MILLWORK MOUNTED EQUIPMENT, IN NEW AND EXISTING WALLS. THE CONTRACTOR SHALL BE RESPONSIBLE FOR DETERMINING THE SUPPORT REQUIRED TO MAINTAIN THE INTEGRITY OF THE WALLS AND THE SECURITY OF THE EQUIPMENT.
17. ALL WOOD BLOCKING SHALL BE FIRE RETARDANT TREATED. PROVIDE WOOD BLOCKING IN ALL STUD WALLS AT MILLWORK AND SPECIAL ITEM ANCHORING POINTS. WOOD BLOCKING SHALL BE MOISTURE TREATED IF LOCATED IN DAMP LOCATIONS OR ADJACENT TO CONCRETE OR MASONRY CONSTRUCTION. IF WOOD BLOCKING IS NOT PERMITTED BY CODE, THEN METAL STRIPS SHALL BE USED.
18. THE CONTRACTOR IS RESPONSIBLE FOR FIELD DIMENSIONS OF ALL MILLWORK, GLASS, DOOR OPENINGS, AND OTHER STRUCTURES PRIOR TO COMMENCEMENT OF FABRICATION.
19. ALL WORK SHALL CONFORM IN QUALITY TO ACCEPTED INDUSTRY STANDARDS. ALL MILLWORK SHALL CONFORM TO A.W.I. PREMIUM GRADE STANDARDS, UNLESS NOTED OTHERWISE.
20. THE MATERIALS USED FOR CONSTRUCTION OF SPACE SHALL NOT CONTAIN ASBESTOS, P.C.B, OR ANY OTHER HAZARDOUS MATERIALS OF ANY TYPE. MANUFACTURERS' NAMES AND TRADEMARKS SHALL NOT BE PROMINENTLY VISIBLE TO THE PUBLIC.
21. ALL WALLS TO BE LAID OUT AT 90-DEGREE ANGLES UNLESS OTHERWISE NOTED.
22. THE SCOPE OF WORK OF ALL TRADES IS TO INCLUDE ALL MATERIALS AND LABOR REQUIRED TO TOTALLY COMPLETE THE PROJECT AND BE FUNCTIONALLY CONSISTENT WITH THE DESIGN INTENT AS EXPRESSED IN THE CONSTRUCTION DOCUMENTS.
23. ALL UTILITIES SHALL BE CONNECTED TO PROVIDE GAS, ELECTRIC, AND WATER TO ALL EQUIPMENT WHETHER SAID EQUIPMENT IS IN CONTRACT OR NOT. EQUIPMENT SHALL BE GUARANTEED TO FUNCTION PROPERLY UPON COMPLETION.
24. MANUFACTURER'S STANDARD SPECIFICATIONS AND MATERIALS APPROVED FOR PROJECT USE ARE HEREBY MADE PART OF THESE NOTES WITH SAME FORCE AND EFFECT AS IF WRITTEN OUT IN FULL HEREIN. ALL APPLIANCES, FIXTURES, EQUIPMENT, HARDWARE, ETC. SHALL BE INSTALLED IN ACCORDANCE WITH MANUFACTURER'S SPECIFICATIONS AND PROCEDURES.
25. THERMOSTATS SHALL NOT BE LOCATED IN THE CENTER OF A WALL, ON AN ACCENT/SPECIALTY WALL, OR IN A LOCATION WHICH CONFLICTS WITH FURNISHINGS WITHOUT THE ARCHITECT'S APPROVAL.
26. WRITTEN WORDS TAKE PRECEDENCE OVER DRAWN LINES. LARGE-SCALE DETAILS AND PLANS TAKE PRECEDENCE OVER SMALLER DETAILS AND PLANS. SHOULD A CONFLICT ARRIVE BETWEEN THE SPECIFICATIONS AND DRAWINGS, THE REQUIREMENTS DEEMED MOST STRINGENT SHALL BE USED.
27. MINOR DETAILS NOT USUALLY SHOWN OR SPECIFIED BUT NECESSARY FOR PROPER AND ACCEPTABLE CONSTRUCTION, INSTALLATION, OR OPERATION OF ANY PART OF THE WORK AS DETERMINED BY THE ARCHITECT SHALL BE INCLUDED IN THE WORK AS IF IT WERE SPECIFIED OR INDICATED ON THE DRAWINGS.
28. ALL ARCHITECTURAL DRAWINGS AND CONSTRUCTION NOTES ARE COMPLIMENTARY. WHAT IS INDICATED AND CALLED FOR BY ONE SHALL BE BINDING AS THOUGH CALLED FOR BY ALL. ANY DEVIATION FROM THE DRAWINGS OR SPECIFICATIONS OR INTENT OF SAME SHALL BE MADE WITHOUT THE ARCHITECT'S WRITTEN AUTHORIZATION.
29. ALL WORK SHALL BE GUARANTEED FOR ONE YEAR AFTER FINAL APPROVAL. THE GENERAL CONTRACTOR SHALL SIGN THE WRITTEN GUARANTEE AS PROVIDED BY THE OWNER. THE GUARANTEE SHALL COVER ALL DEFECTIVE OR IMPROPER WORK. ALL DEFECTS DISCOVERED DURING THIS PERIOD SHALL BE REPAIRED TO THE OWNER'S SATISFACTION AT THE CONTRACTOR'S EXPENSE.
30. ALL DIMENSIONS ARE TO FACE OF STUD OR CENTERLINE OF STRUCTURE UNLESS OTHERWISE NOTED.
31. DOOR AND WINDOW DETAILS ARE INDICATED ON THE DOOR AND WINDOW SCHEDULES. DOOR AND WINDOW DIMENSIONS ARE TO CENTERLINES OF UNITS UNLESS OTHERWISE NOTED.
FLOOR PLAN NOTES:
1. CONTRACTORS SHALL VISIT THE SITE PRIOR TO ANY WORK. CONTACT ARCHITECT IMMEDIATELY IF CONDITIONS DIFFER FROM THAT OF THE CONTRACT DOCUMENTS.
2. FIELD VERIFY ALL DIMENSIONS PRIOR TO PERFORMING ANY WORK AND NOTIFY ARCHITECT IMMEDIATELY IF ANY DISCREPANCIES EXIST.
3. DIMENSIONS ARE FROM FACE OF STUD UNLESS NOTED OTHERWISE.
4. NEW INTERIOR WALLS TO BE 5/8" GYP. ON 3 5/8" MTL OR WD STUDS @ 16" O.C. W/ SOUND BATTS WHERE INDICATED.
5. ALL INTERIOR WALLS TO BE PARTITION TYPE 2 UNLESS NOTED OTHERWISE
6. ALL INTERIOR WALL HEIGHTS SHALL BE 6" ABOVE THE CEILING AND BRACE EVERY 4'-0" OC TO STRUCTURE UNLESS NOTED OTHERWISE.
7. DO NOT SCALE DRAWINGS. IF DIMENSIONS ARE NOT CLEAR, CONTACT ARCHITECT.
8. ALL FINISHES, FINISHES, AND COLORS SHALL BE SELECTED BY OWNER.
9. LOCATE ALL INTERIOR DOORS 4 1/2" FROM ADJACENT WALL FRAMING, UNLESS NOTED OTHERWISE.
10. ALL DOORS AND ADJACENT AREAS SHALL MEET OR EXCEED ADA REQUIREMENTS (IF REQUIREMENT IS NECESSARY)
